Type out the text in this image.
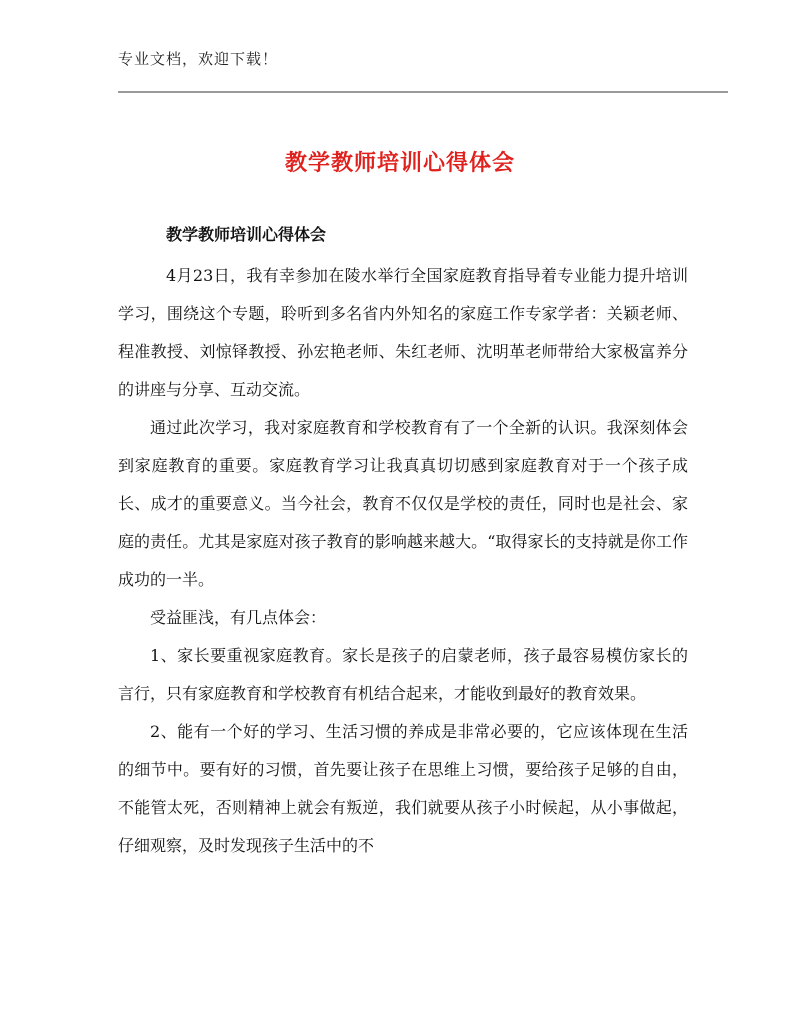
专业文档，欢迎下载！
教学教师培训心得体会
教学教师培训心得体会

4月23日，我有幸参加在陵水举行全国家庭教育指导着专业能力提升培训学习，围绕这个专题，聆听到多名省内外知名的家庭工作专家学者：关颖老师、程准教授、刘惊铎教授、孙宏艳老师、朱红老师、沈明革老师带给大家极富养分的讲座与分享、互动交流。

通过此次学习，我对家庭教育和学校教育有了一个全新的认识。我深刻体会到家庭教育的重要。家庭教育学习让我真真切切感到家庭教育对于一个孩子成长、成才的重要意义。当今社会，教育不仅仅是学校的责任，同时也是社会、家庭的责任。尤其是家庭对孩子教育的影响越来越大。“取得家长的支持就是你工作成功的一半。

受益匪浅，有几点体会：

1、家长要重视家庭教育。家长是孩子的启蒙老师，孩子最容易模仿家长的言行，只有家庭教育和学校教育有机结合起来，才能收到最好的教育效果。

2、能有一个好的学习、生活习惯的养成是非常必要的，它应该体现在生活的细节中。要有好的习惯，首先要让孩子在思维上习惯，要给孩子足够的自由，不能管太死，否则精神上就会有叛逆，我们就要从孩子小时候起，从小事做起，仔细观察，及时发现孩子生活中的不
